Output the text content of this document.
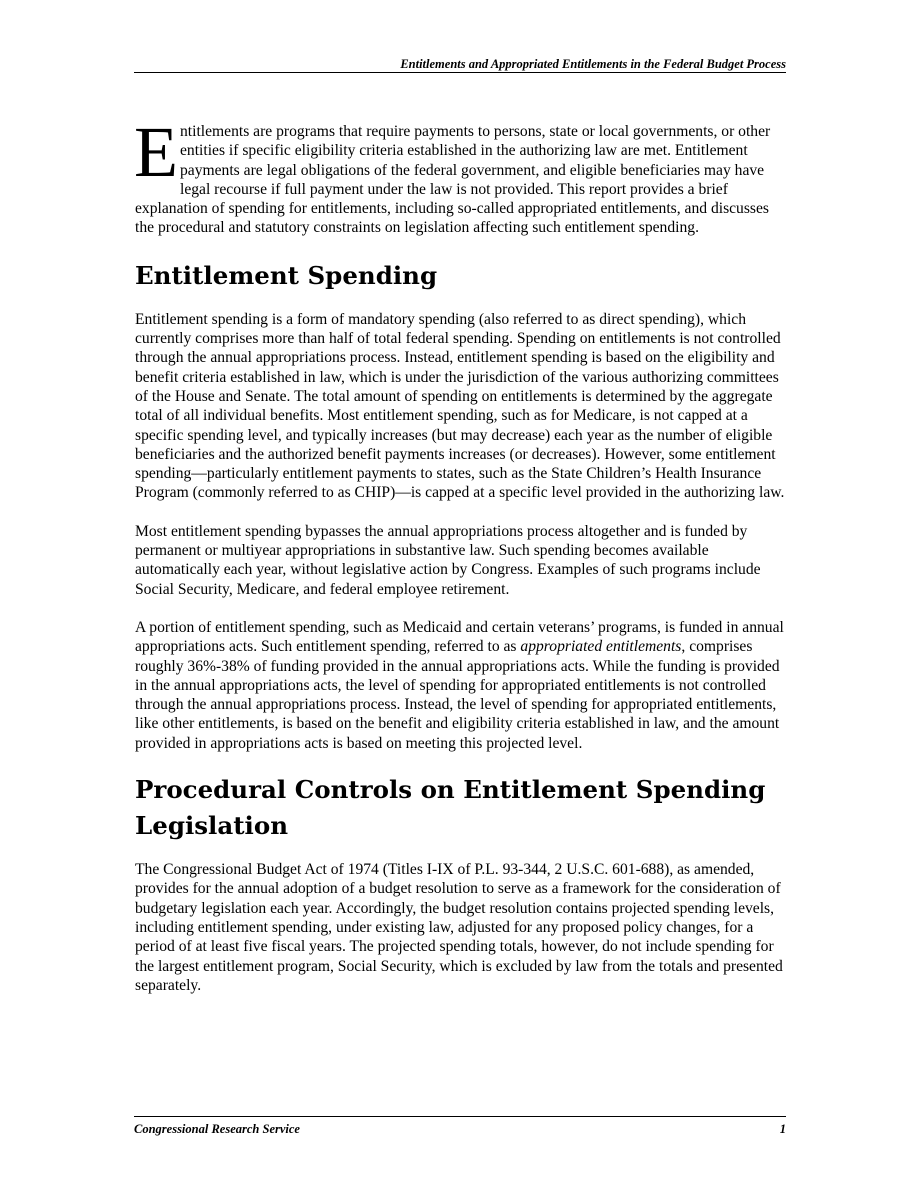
Entitlements and Appropriated Entitlements in the Federal Budget Process

Entitlements are programs that require payments to persons, state or local governments, or other entities if specific eligibility criteria established in the authorizing law are met. Entitlement payments are legal obligations of the federal government, and eligible beneficiaries may have legal recourse if full payment under the law is not provided. This report provides a brief explanation of spending for entitlements, including so-called appropriated entitlements, and discusses the procedural and statutory constraints on legislation affecting such entitlement spending.

Entitlement Spending

Entitlement spending is a form of mandatory spending (also referred to as direct spending), which currently comprises more than half of total federal spending. Spending on entitlements is not controlled through the annual appropriations process. Instead, entitlement spending is based on the eligibility and benefit criteria established in law, which is under the jurisdiction of the various authorizing committees of the House and Senate. The total amount of spending on entitlements is determined by the aggregate total of all individual benefits. Most entitlement spending, such as for Medicare, is not capped at a specific spending level, and typically increases (but may decrease) each year as the number of eligible beneficiaries and the authorized benefit payments increases (or decreases). However, some entitlement spending—particularly entitlement payments to states, such as the State Children’s Health Insurance Program (commonly referred to as CHIP)—is capped at a specific level provided in the authorizing law.

Most entitlement spending bypasses the annual appropriations process altogether and is funded by permanent or multiyear appropriations in substantive law. Such spending becomes available automatically each year, without legislative action by Congress. Examples of such programs include Social Security, Medicare, and federal employee retirement.

A portion of entitlement spending, such as Medicaid and certain veterans’ programs, is funded in annual appropriations acts. Such entitlement spending, referred to as appropriated entitlements, comprises roughly 36%-38% of funding provided in the annual appropriations acts. While the funding is provided in the annual appropriations acts, the level of spending for appropriated entitlements is not controlled through the annual appropriations process. Instead, the level of spending for appropriated entitlements, like other entitlements, is based on the benefit and eligibility criteria established in law, and the amount provided in appropriations acts is based on meeting this projected level.

Procedural Controls on Entitlement Spending Legislation

The Congressional Budget Act of 1974 (Titles I-IX of P.L. 93-344, 2 U.S.C. 601-688), as amended, provides for the annual adoption of a budget resolution to serve as a framework for the consideration of budgetary legislation each year. Accordingly, the budget resolution contains projected spending levels, including entitlement spending, under existing law, adjusted for any proposed policy changes, for a period of at least five fiscal years. The projected spending totals, however, do not include spending for the largest entitlement program, Social Security, which is excluded by law from the totals and presented separately.

Congressional Research Service	1
